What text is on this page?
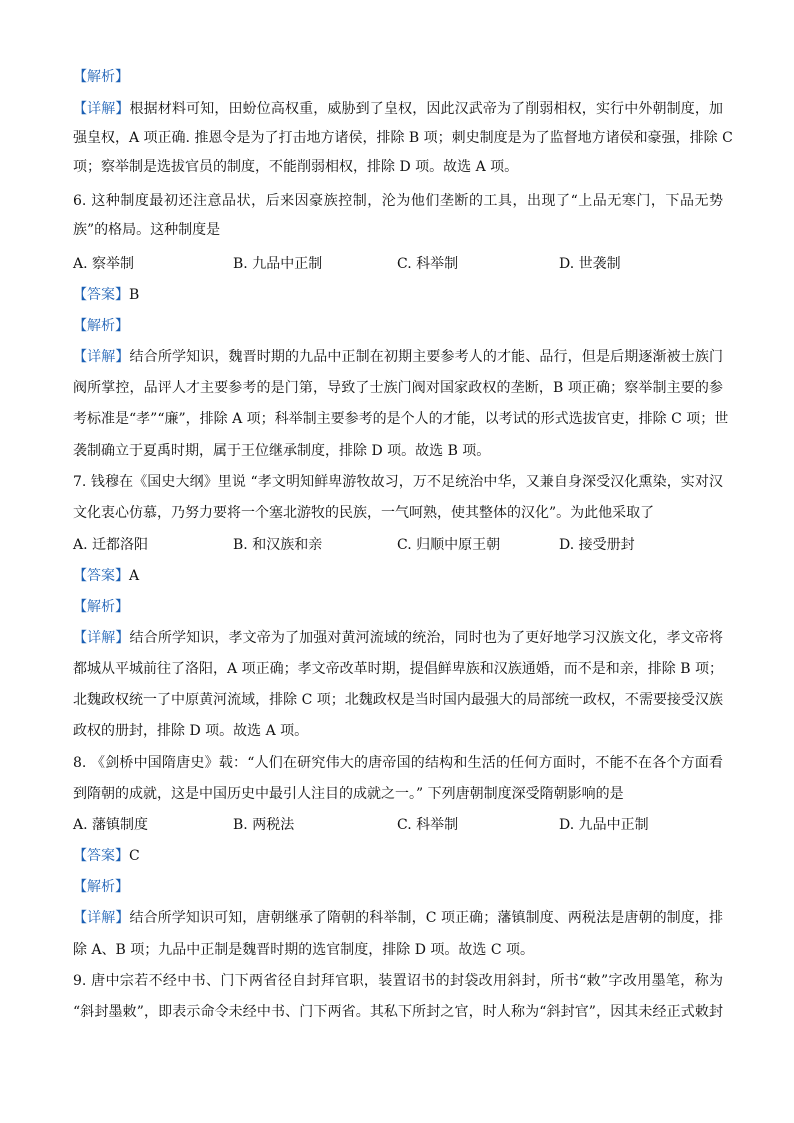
【解析】
【详解】根据材料可知，田蚡位高权重，威胁到了皇权，因此汉武帝为了削弱相权，实行中外朝制度，加
强皇权，A 项正确. 推恩令是为了打击地方诸侯，排除 B 项；刺史制度是为了监督地方诸侯和豪强，排除 C
项；察举制是选拔官员的制度，不能削弱相权，排除 D 项。故选 A 项。
6. 这种制度最初还注意品状，后来因豪族控制，沦为他们垄断的工具，出现了“上品无寒门，下品无势
族”的格局。这种制度是
A. 察举制	B. 九品中正制	C. 科举制	D. 世袭制
【答案】B
【解析】
【详解】结合所学知识，魏晋时期的九品中正制在初期主要参考人的才能、品行，但是后期逐渐被士族门
阀所掌控，品评人才主要参考的是门第，导致了士族门阀对国家政权的垄断，B 项正确；察举制主要的参
考标准是“孝”“廉”，排除 A 项；科举制主要参考的是个人的才能，以考试的形式选拔官吏，排除 C 项；世
袭制确立于夏禹时期，属于王位继承制度，排除 D 项。故选 B 项。
7. 钱穆在《国史大纲》里说 “孝文明知鲜卑游牧故习，万不足统治中华，又兼自身深受汉化熏染，实对汉
文化衷心仿慕，乃努力要将一个塞北游牧的民族，一气呵熟，使其整体的汉化”。为此他采取了
A. 迁都洛阳	B. 和汉族和亲	C. 归顺中原王朝	D. 接受册封
【答案】A
【解析】
【详解】结合所学知识，孝文帝为了加强对黄河流域的统治，同时也为了更好地学习汉族文化，孝文帝将
都城从平城前往了洛阳，A 项正确；孝文帝改革时期，提倡鲜卑族和汉族通婚，而不是和亲，排除 B 项；
北魏政权统一了中原黄河流域，排除 C 项；北魏政权是当时国内最强大的局部统一政权，不需要接受汉族
政权的册封，排除 D 项。故选 A 项。
8. 《剑桥中国隋唐史》载：“人们在研究伟大的唐帝国的结构和生活的任何方面时，不能不在各个方面看
到隋朝的成就，这是中国历史中最引人注目的成就之一。” 下列唐朝制度深受隋朝影响的是
A. 藩镇制度	B. 两税法	C. 科举制	D. 九品中正制
【答案】C
【解析】
【详解】结合所学知识可知，唐朝继承了隋朝的科举制，C 项正确；藩镇制度、两税法是唐朝的制度，排
除 A、B 项；九品中正制是魏晋时期的选官制度，排除 D 项。故选 C 项。
9. 唐中宗若不经中书、门下两省径自封拜官职，装置诏书的封袋改用斜封，所书“敕”字改用墨笔，称为
“斜封墨敕”，即表示命令未经中书、门下两省。其私下所封之官，时人称为“斜封官”，因其未经正式敕封
